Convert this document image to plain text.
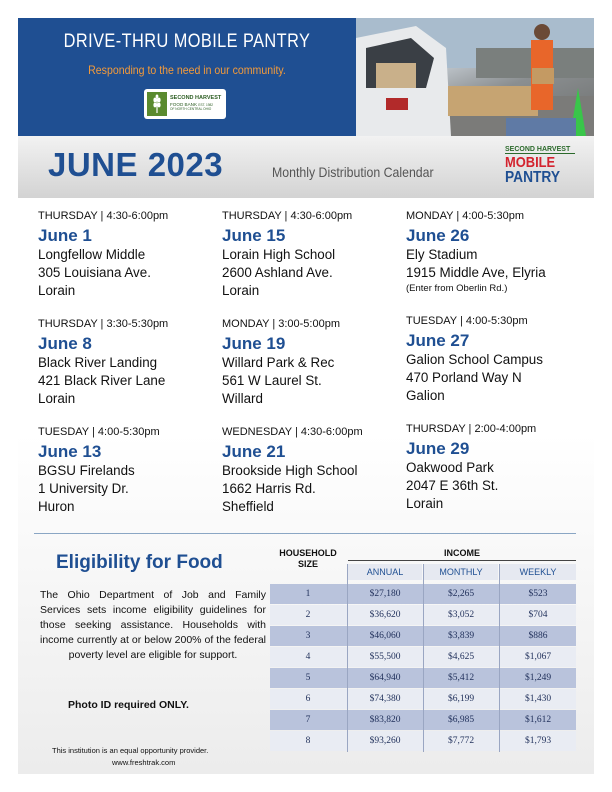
DRIVE-THRU MOBILE PANTRY
Responding to the need in our community.
SECOND HARVEST
FOOD BANK EST. 1982
OF NORTH CENTRAL OHIO
JUNE 2023	Monthly Distribution Calendar
SECOND HARVEST
MOBILE
PANTRY
THURSDAY | 4:30-6:00pm
June 1
Longfellow Middle
305 Louisiana Ave.
Lorain
THURSDAY | 3:30-5:30pm
June 8
Black River Landing
421 Black River Lane
Lorain
TUESDAY | 4:00-5:30pm
June 13
BGSU Firelands
1 University Dr.
Huron
THURSDAY | 4:30-6:00pm
June 15
Lorain High School
2600 Ashland Ave.
Lorain
MONDAY | 3:00-5:00pm
June 19
Willard Park & Rec
561 W Laurel St.
Willard
WEDNESDAY | 4:30-6:00pm
June 21
Brookside High School
1662 Harris Rd.
Sheffield
MONDAY | 4:00-5:30pm
June 26
Ely Stadium
1915 Middle Ave, Elyria
(Enter from Oberlin Rd.)
TUESDAY | 4:00-5:30pm
June 27
Galion School Campus
470 Porland Way N
Galion
THURSDAY | 2:00-4:00pm
June 29
Oakwood Park
2047 E 36th St.
Lorain
Eligibility for Food
The Ohio Department of Job and Family Services sets income eligibility guidelines for those seeking assistance. Households with income currently at or below 200% of the federal poverty level are eligible for support.
Photo ID required ONLY.
This institution is an equal opportunity provider.
www.freshtrak.com
HOUSEHOLD SIZE
INCOME
ANNUAL	MONTHLY	WEEKLY
1	$27,180	$2,265	$523
2	$36,620	$3,052	$704
3	$46,060	$3,839	$886
4	$55,500	$4,625	$1,067
5	$64,940	$5,412	$1,249
6	$74,380	$6,199	$1,430
7	$83,820	$6,985	$1,612
8	$93,260	$7,772	$1,793
